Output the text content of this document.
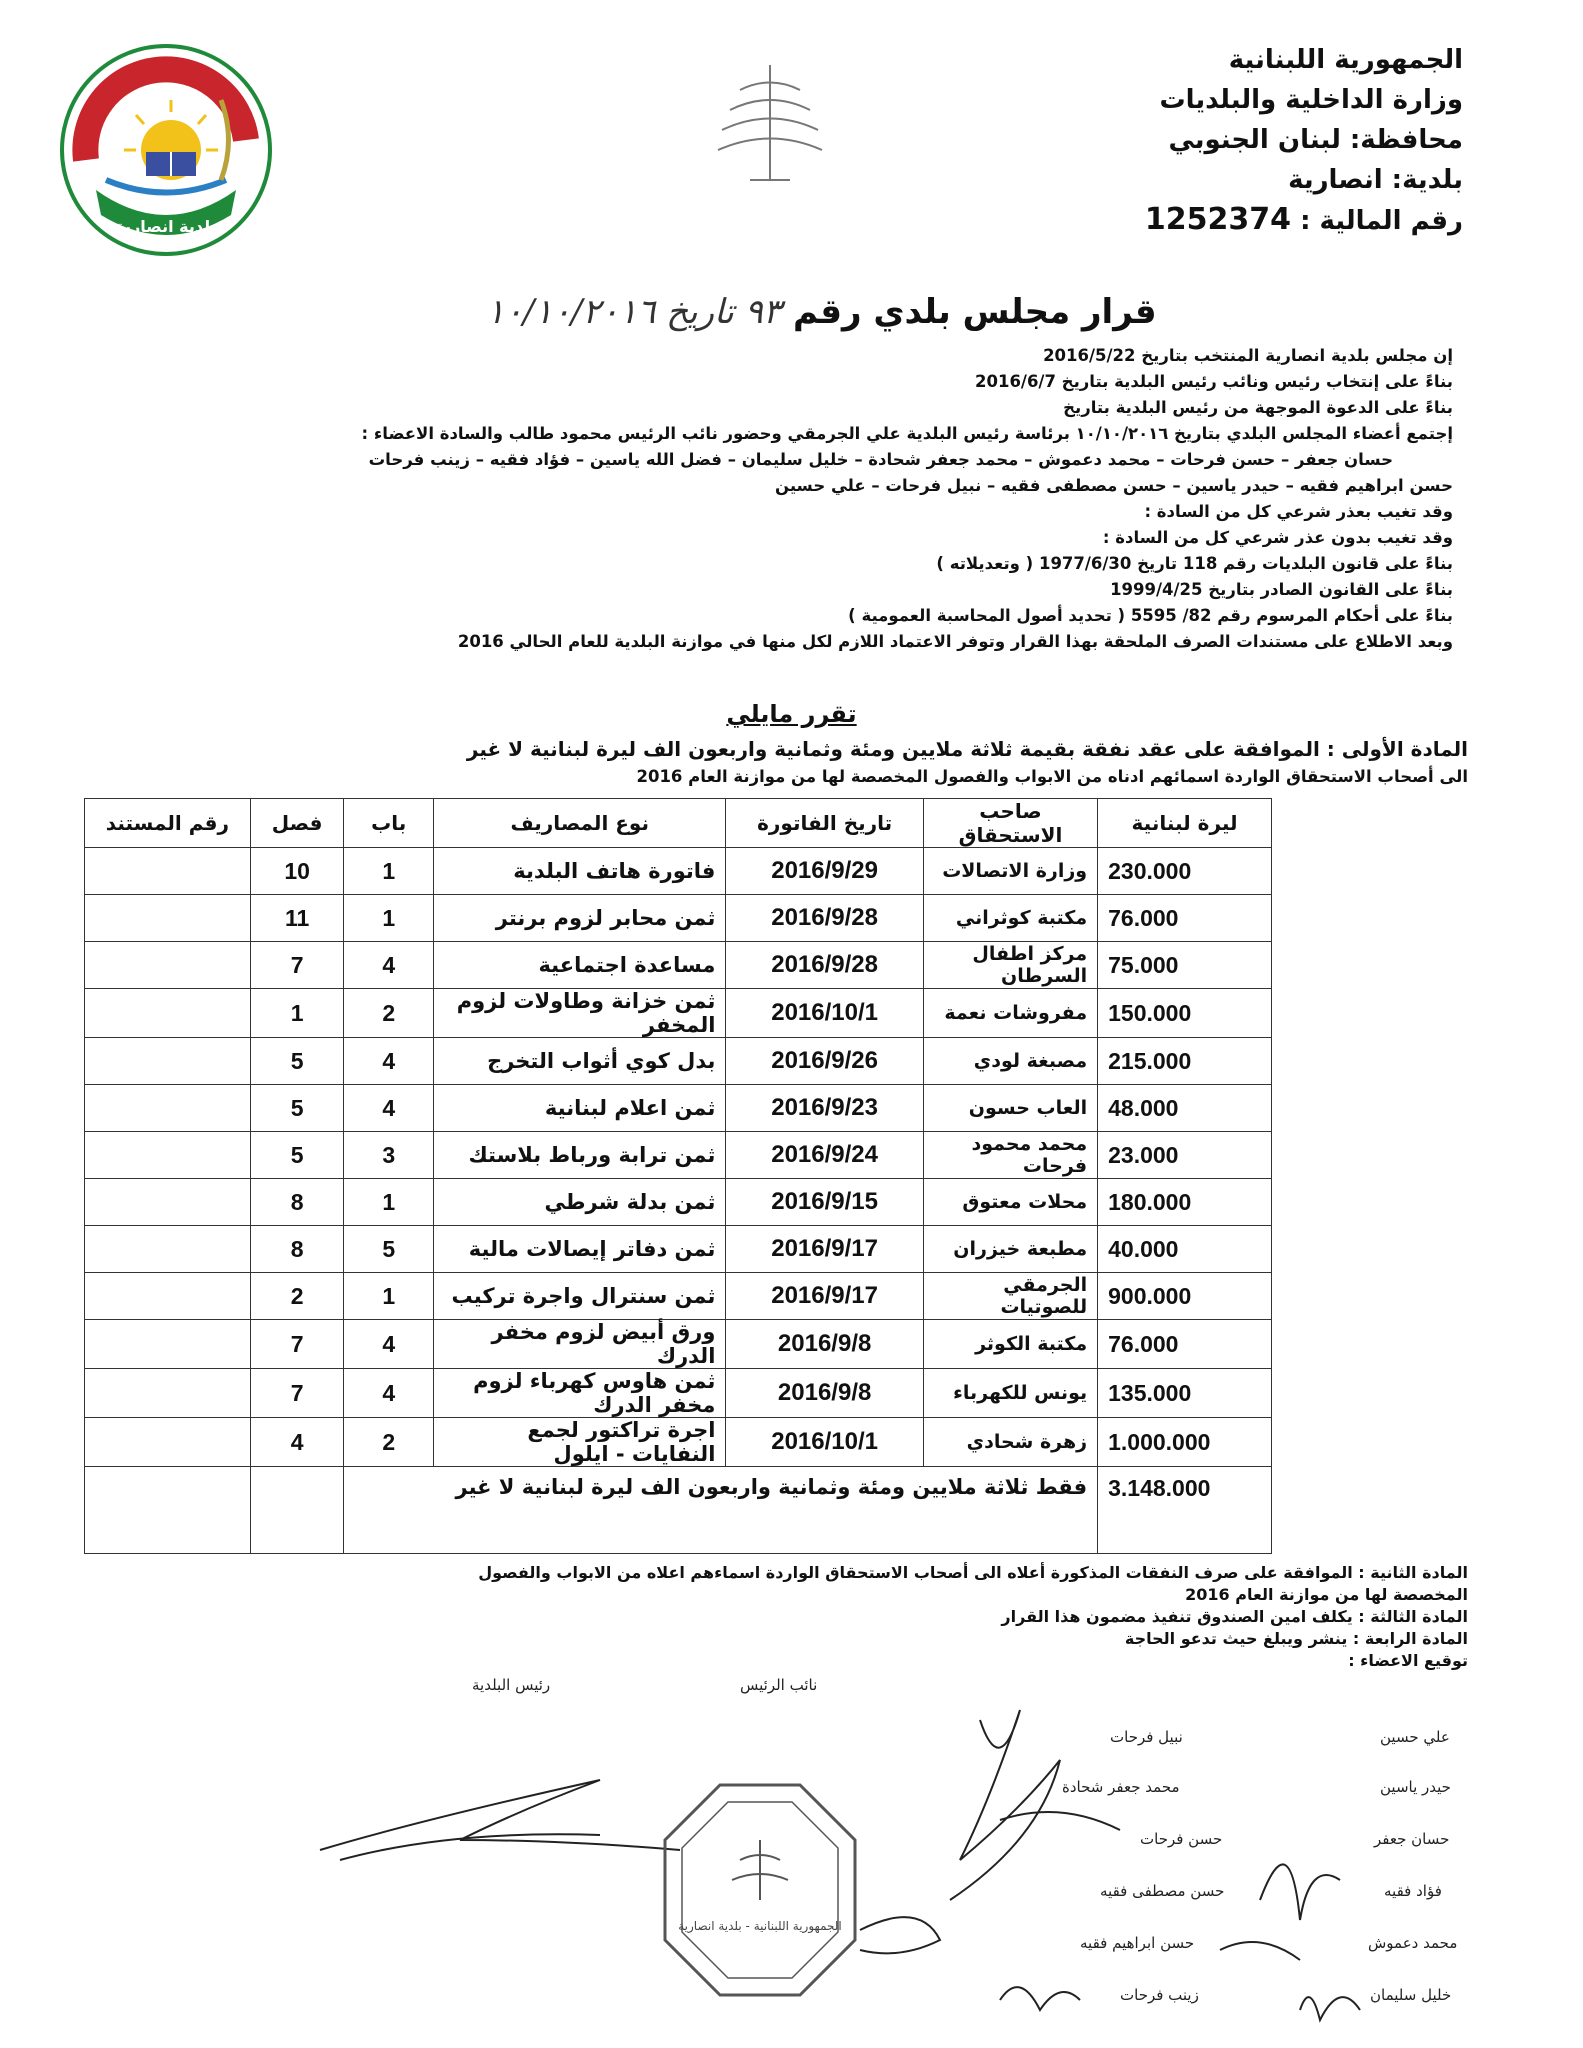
بلدية انصارية
الجمهورية اللبنانية
وزارة الداخلية والبلديات
محافظة: لبنان الجنوبي
بلدية: انصارية
رقم المالية : 1252374
قرار مجلس بلدي رقم ٩٣ تاريخ ١٠/١٠/٢٠١٦
إن مجلس بلدية انصارية المنتخب بتاريخ 2016/5/22
بناءً على إنتخاب رئيس ونائب رئيس البلدية بتاريخ 2016/6/7
بناءً على الدعوة الموجهة من رئيس البلدية بتاريخ
إجتمع أعضاء المجلس البلدي بتاريخ ١٠/١٠/٢٠١٦ برئاسة رئيس البلدية علي الجرمقي وحضور نائب الرئيس محمود طالب والسادة الاعضاء :
حسان جعفر – حسن فرحات – محمد دعموش – محمد جعفر شحادة – خليل سليمان – فضل الله ياسين – فؤاد فقيه – زينب فرحات
حسن ابراهيم فقيه – حيدر ياسين – حسن مصطفى فقيه – نبيل فرحات – علي حسين
وقد تغيب بعذر شرعي كل من السادة :
وقد تغيب بدون عذر شرعي كل من السادة :
بناءً على قانون البلديات رقم 118 تاريخ 1977/6/30 ( وتعديلاته )
بناءً على القانون الصادر بتاريخ 1999/4/25
بناءً على أحكام المرسوم رقم 82/ 5595 ( تحديد أصول المحاسبة العمومية )
وبعد الاطلاع على مستندات الصرف الملحقة بهذا القرار وتوفر الاعتماد اللازم لكل منها في موازنة البلدية للعام الحالي 2016
تقرر مايلي
المادة الأولى : الموافقة على عقد نفقة بقيمة ثلاثة ملايين ومئة وثمانية واربعون الف ليرة لبنانية لا غير
الى أصحاب الاستحقاق الواردة اسمائهم ادناه من الابواب والفصول المخصصة لها من موازنة العام 2016
ليرة لبنانية	صاحب الاستحقاق	تاريخ الفاتورة	نوع المصاريف	باب	فصل	رقم المستند
230.000	وزارة الاتصالات	2016/9/29	فاتورة هاتف البلدية	1	10	
76.000	مكتبة كوثراني	2016/9/28	ثمن محابر لزوم برنتر	1	11	
75.000	مركز اطفال السرطان	2016/9/28	مساعدة اجتماعية	4	7	
150.000	مفروشات نعمة	2016/10/1	ثمن خزانة وطاولات لزوم المخفر	2	1	
215.000	مصبغة لودي	2016/9/26	بدل كوي أثواب التخرج	4	5	
48.000	العاب حسون	2016/9/23	ثمن اعلام لبنانية	4	5	
23.000	محمد محمود فرحات	2016/9/24	ثمن ترابة ورباط بلاستك	3	5	
180.000	محلات معتوق	2016/9/15	ثمن بدلة شرطي	1	8	
40.000	مطبعة خيزران	2016/9/17	ثمن دفاتر إيصالات مالية	5	8	
900.000	الجرمقي للصوتيات	2016/9/17	ثمن سنترال واجرة تركيب	1	2	
76.000	مكتبة الكوثر	2016/9/8	ورق أبيض لزوم مخفر الدرك	4	7	
135.000	يونس للكهرباء	2016/9/8	ثمن هاوس كهرباء لزوم مخفر الدرك	4	7	
1.000.000	زهرة شحادي	2016/10/1	اجرة تراكتور لجمع النفايات - ايلول	2	4	
3.148.000	فقط ثلاثة ملايين ومئة وثمانية واربعون الف ليرة لبنانية لا غير					
المادة الثانية : الموافقة على صرف النفقات المذكورة أعلاه الى أصحاب الاستحقاق الواردة اسماءهم اعلاه من الابواب والفصول
المخصصة لها من موازنة العام 2016
المادة الثالثة : يكلف امين الصندوق تنفيذ مضمون هذا القرار
المادة الرابعة : ينشر ويبلغ حيث تدعو الحاجة
توقيع الاعضاء :
رئيس البلدية	نائب الرئيس
علي حسين
حيدر ياسين
حسان جعفر
فؤاد فقيه
محمد دعموش
خليل سليمان
نبيل فرحات
محمد جعفر شحادة
حسن فرحات
حسن مصطفى فقيه
حسن ابراهيم فقيه
زينب فرحات
الجمهورية اللبنانية - بلدية انصارية
